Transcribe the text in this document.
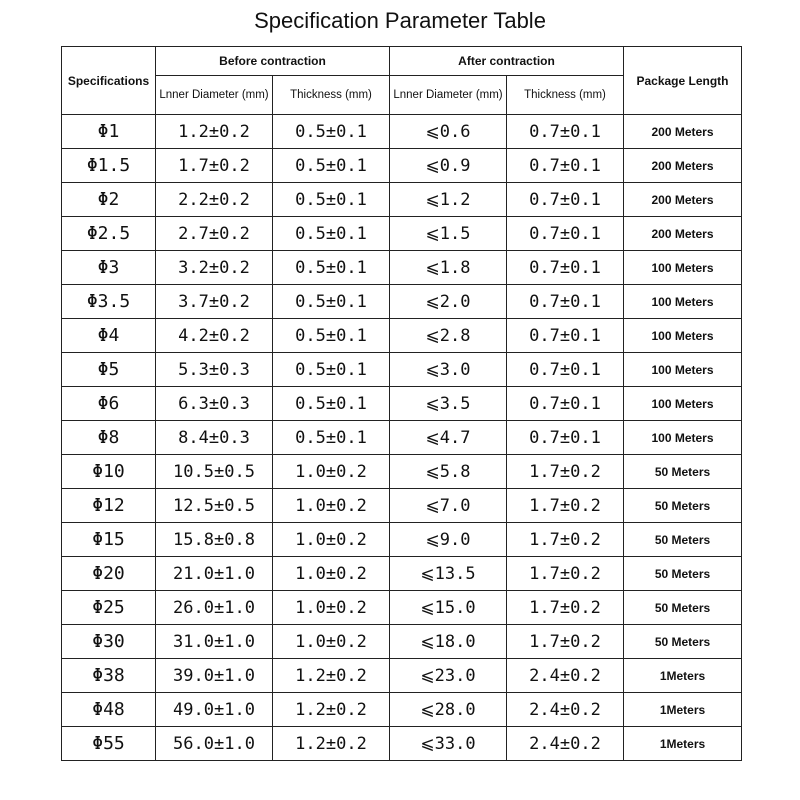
Specification Parameter Table
Specifications	Before contraction		After contraction		Package Length
	Lnner Diameter (mm)	Thickness (mm)	Lnner Diameter (mm)	Thickness (mm)	
Φ1	1.2±0.2	0.5±0.1	⩽0.6	0.7±0.1	200 Meters
Φ1.5	1.7±0.2	0.5±0.1	⩽0.9	0.7±0.1	200 Meters
Φ2	2.2±0.2	0.5±0.1	⩽1.2	0.7±0.1	200 Meters
Φ2.5	2.7±0.2	0.5±0.1	⩽1.5	0.7±0.1	200 Meters
Φ3	3.2±0.2	0.5±0.1	⩽1.8	0.7±0.1	100 Meters
Φ3.5	3.7±0.2	0.5±0.1	⩽2.0	0.7±0.1	100 Meters
Φ4	4.2±0.2	0.5±0.1	⩽2.8	0.7±0.1	100 Meters
Φ5	5.3±0.3	0.5±0.1	⩽3.0	0.7±0.1	100 Meters
Φ6	6.3±0.3	0.5±0.1	⩽3.5	0.7±0.1	100 Meters
Φ8	8.4±0.3	0.5±0.1	⩽4.7	0.7±0.1	100 Meters
Φ10	10.5±0.5	1.0±0.2	⩽5.8	1.7±0.2	50 Meters
Φ12	12.5±0.5	1.0±0.2	⩽7.0	1.7±0.2	50 Meters
Φ15	15.8±0.8	1.0±0.2	⩽9.0	1.7±0.2	50 Meters
Φ20	21.0±1.0	1.0±0.2	⩽13.5	1.7±0.2	50 Meters
Φ25	26.0±1.0	1.0±0.2	⩽15.0	1.7±0.2	50 Meters
Φ30	31.0±1.0	1.0±0.2	⩽18.0	1.7±0.2	50 Meters
Φ38	39.0±1.0	1.2±0.2	⩽23.0	2.4±0.2	1Meters
Φ48	49.0±1.0	1.2±0.2	⩽28.0	2.4±0.2	1Meters
Φ55	56.0±1.0	1.2±0.2	⩽33.0	2.4±0.2	1Meters
